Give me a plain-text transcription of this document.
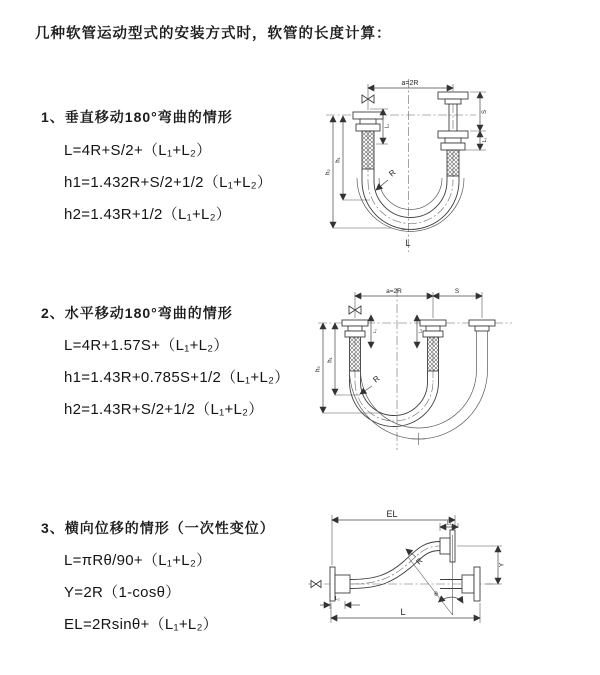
几种软管运动型式的安装方式时，软管的长度计算：
1、垂直移动180°弯曲的情形
L=4R+S/2+（L₁+L₂）
h1=1.432R+S/2+1/2（L₁+L₂）
h2=1.43R+1/2（L₁+L₂）
a=2R
S
L₂
L₁
h₂
h₁
R
L
2、水平移动180°弯曲的情形
L=4R+1.57S+（L₁+L₂）
h1=1.43R+0.785S+1/2（L₁+L₂）
h2=1.43R+S/2+1/2（L₁+L₂）
a=2R	S
L₁	L₂
h₂
h₁
R
3、横向位移的情形（一次性变位）
L=πRθ/90+（L₁+L₂）
Y=2R（1-cosθ）
EL=2Rsinθ+（L₁+L₂）
EL
L₁
Y
θ
R
L₂
L
